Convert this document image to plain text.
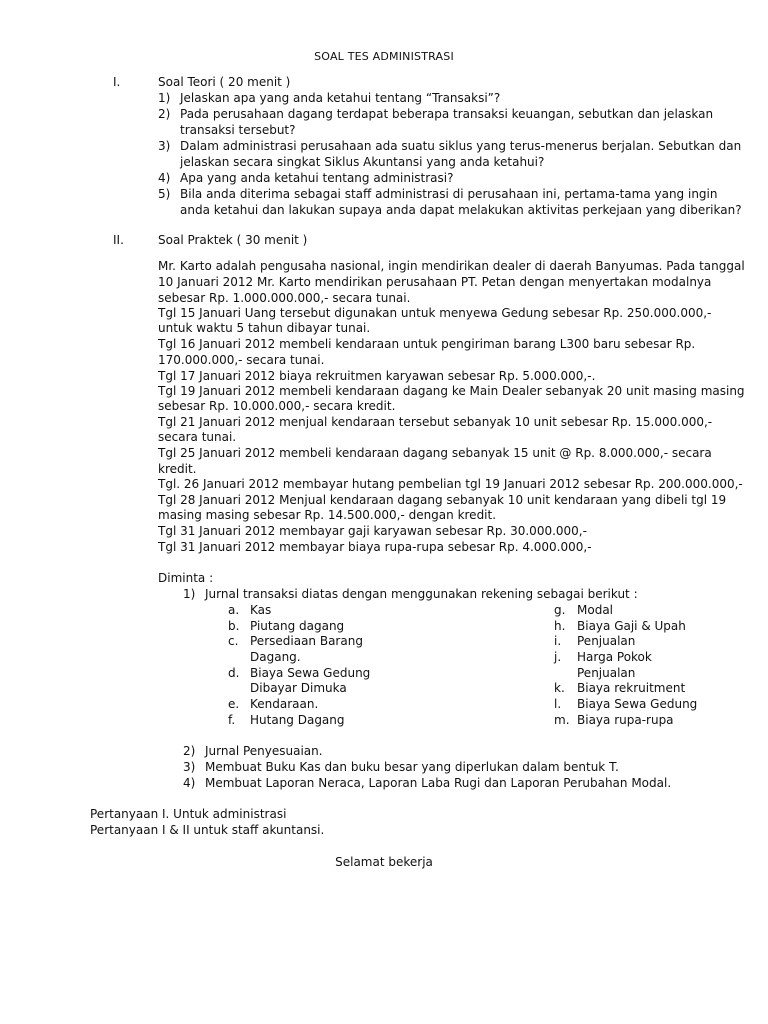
SOAL TES ADMINISTRASI
I.	Soal Teori ( 20 menit )
1) Jelaskan apa yang anda ketahui tentang “Transaksi”?
2) Pada perusahaan dagang terdapat beberapa transaksi keuangan, sebutkan dan jelaskan
transaksi tersebut?
3) Dalam administrasi perusahaan ada suatu siklus yang terus-menerus berjalan. Sebutkan dan
jelaskan secara singkat Siklus Akuntansi yang anda ketahui?
4) Apa yang anda ketahui tentang administrasi?
5) Bila anda diterima sebagai staff administrasi di perusahaan ini, pertama-tama yang ingin
anda ketahui dan lakukan supaya anda dapat melakukan aktivitas perkejaan yang diberikan?
II.	Soal Praktek ( 30 menit )
Mr. Karto adalah pengusaha nasional, ingin mendirikan dealer di daerah Banyumas. Pada tanggal
10 Januari 2012 Mr. Karto mendirikan perusahaan PT. Petan dengan menyertakan modalnya
sebesar Rp. 1.000.000.000,- secara tunai.
Tgl 15 Januari Uang tersebut digunakan untuk menyewa Gedung sebesar Rp. 250.000.000,-
untuk waktu 5 tahun dibayar tunai.
Tgl 16 Januari 2012 membeli kendaraan untuk pengiriman barang L300 baru sebesar Rp.
170.000.000,- secara tunai.
Tgl 17 Januari 2012 biaya rekruitmen karyawan sebesar Rp. 5.000.000,-.
Tgl 19 Januari 2012 membeli kendaraan dagang ke Main Dealer sebanyak 20 unit masing masing
sebesar Rp. 10.000.000,- secara kredit.
Tgl 21 Januari 2012 menjual kendaraan tersebut sebanyak 10 unit sebesar Rp. 15.000.000,-
secara tunai.
Tgl 25 Januari 2012 membeli kendaraan dagang sebanyak 15 unit @ Rp. 8.000.000,- secara
kredit.
Tgl. 26 Januari 2012 membayar hutang pembelian tgl 19 Januari 2012 sebesar Rp. 200.000.000,-
Tgl 28 Januari 2012 Menjual kendaraan dagang sebanyak 10 unit kendaraan yang dibeli tgl 19
masing masing sebesar Rp. 14.500.000,- dengan kredit.
Tgl 31 Januari 2012 membayar gaji karyawan sebesar Rp. 30.000.000,-
Tgl 31 Januari 2012 membayar biaya rupa-rupa sebesar Rp. 4.000.000,-
Diminta :
1) Jurnal transaksi diatas dengan menggunakan rekening sebagai berikut :
a. Kas
b. Piutang dagang
c. Persediaan Barang
Dagang.
d. Biaya Sewa Gedung
Dibayar Dimuka
e. Kendaraan.
f. Hutang Dagang
g. Modal
h. Biaya Gaji & Upah
i. Penjualan
j. Harga Pokok
Penjualan
k. Biaya rekruitment
l. Biaya Sewa Gedung
m. Biaya rupa-rupa
2) Jurnal Penyesuaian.
3) Membuat Buku Kas dan buku besar yang diperlukan dalam bentuk T.
4) Membuat Laporan Neraca, Laporan Laba Rugi dan Laporan Perubahan Modal.
Pertanyaan I. Untuk administrasi
Pertanyaan I & II untuk staff akuntansi.
Selamat bekerja
